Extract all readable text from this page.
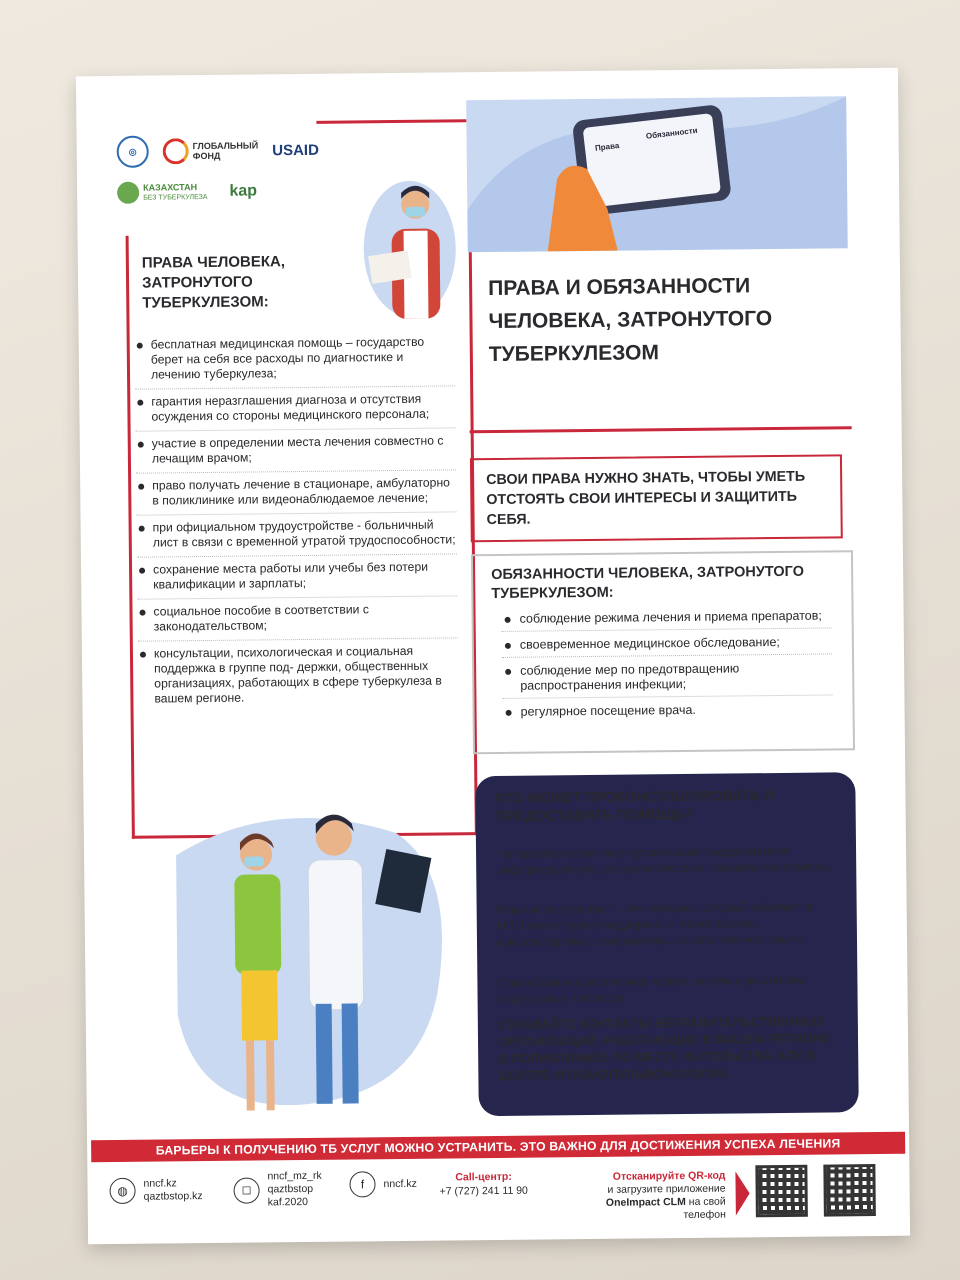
◎
ГЛОБАЛЬНЫЙ
ФОНД	USAID
КАЗАХСТАН
БЕЗ ТУБЕРКУЛЕЗА kap
ПРАВА ЧЕЛОВЕКА, ЗАТРОНУТОГО ТУБЕРКУЛЕЗОМ:
бесплатная медицинская помощь – государство берет на себя все расходы по диагностике и лечению туберкулеза;
гарантия неразглашения диагноза и отсутствия осуждения со стороны медицинского персонала;
участие в определении места лечения совместно с лечащим врачом;
право получать лечение в стационаре, амбулаторно в поликлинике или видеонаблюдаемое лечение;
при официальном трудоустройстве - больничный лист в связи с временной утратой трудоспособности;
сохранение места работы или учебы без потери квалификации и зарплаты;
социальное пособие в соответствии с законодательством;
консультации, психологическая и социальная поддержка в группе под- держки, общественных организациях, работающих в сфере туберкулеза в вашем регионе.
Права
Обязанности
ПРАВА И ОБЯЗАННОСТИ ЧЕЛОВЕКА, ЗАТРОНУТОГО ТУБЕРКУЛЕЗОМ
СВОИ ПРАВА НУЖНО ЗНАТЬ, ЧТОБЫ УМЕТЬ ОТСТОЯТЬ СВОИ ИНТЕРЕСЫ И ЗАЩИТИТЬ СЕБЯ.
ОБЯЗАННОСТИ ЧЕЛОВЕКА, ЗАТРОНУТОГО ТУБЕРКУЛЕЗОМ:
соблюдение режима лечения и приема препаратов;
своевременное медицинское обследование;
соблюдение мер по предотвращению распространения инфекции;
регулярное посещение врача.
КТО МОЖЕТ ПРОКОНСУЛЬТИРОВАТЬ И ПРЕДОСТАВИТЬ ПОМОЩЬ?
Неправительственные организации предоставляют информационную, психологическую, социальную помощь.
Равный консультант – это человек, который работает в НПО или в группе поддержки и может помочь консультациями, основываясь на собственном опыте.
Соцработник поликлиники может помочь с решением социальных вопросов.
УЗНАВАЙТЕ КОНТАКТЫ НЕПРАВИТЕЛЬСТВЕННЫХ ОРГАНИЗАЦИЙ, РАБОТАЮЩИХ В ВАШЕМ РЕГИОНЕ, В ПОЛИКЛИНИКЕ ПО МЕСТУ ЖИТЕЛЬСТВА ИЛИ В ЦЕНТРЕ ФТИЗИОПУЛЬМОНОЛОГИИ.
БАРЬЕРЫ К ПОЛУЧЕНИЮ ТБ УСЛУГ МОЖНО УСТРАНИТЬ. ЭТО ВАЖНО ДЛЯ ДОСТИЖЕНИЯ УСПЕХА ЛЕЧЕНИЯ
◍	nncf.kz
qaztbstop.kz	◻
nncf_mz_rk
qaztbstop
kaf.2020
f	nncf.kz
Call-центр:
+7 (727) 241 11 90
Отсканируйте QR-код
и загрузите приложение
OneImpact CLM на свой телефон
